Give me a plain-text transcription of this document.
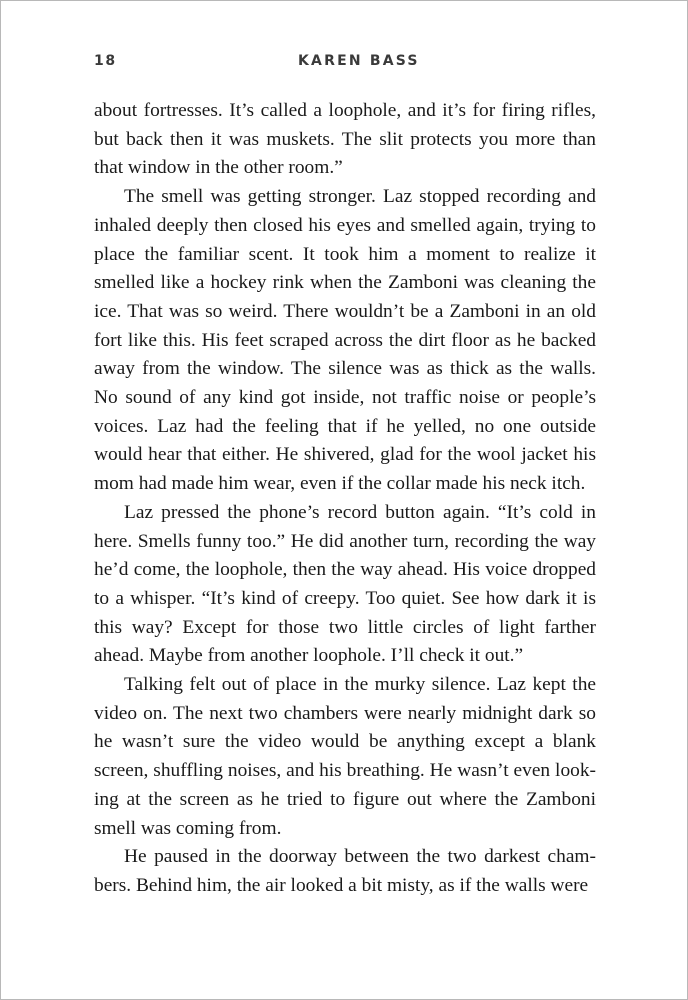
18	KAREN BASS

about fortresses. It’s called a loophole, and it’s for firing rifles, but back then it was muskets. The slit protects you more than that window in the other room.”

The smell was getting stronger. Laz stopped recording and inhaled deeply then closed his eyes and smelled again, trying to place the familiar scent. It took him a moment to realize it smelled like a hockey rink when the Zamboni was cleaning the ice. That was so weird. There wouldn’t be a Zamboni in an old fort like this. His feet scraped across the dirt floor as he backed away from the window. The silence was as thick as the walls. No sound of any kind got inside, not traffic noise or people’s voices. Laz had the feeling that if he yelled, no one outside would hear that either. He shivered, glad for the wool jacket his mom had made him wear, even if the collar made his neck itch.

Laz pressed the phone’s record button again. “It’s cold in here. Smells funny too.” He did another turn, recording the way he’d come, the loophole, then the way ahead. His voice dropped to a whisper. “It’s kind of creepy. Too quiet. See how dark it is this way? Except for those two little circles of light farther ahead. Maybe from another loophole. I’ll check it out.”

Talking felt out of place in the murky silence. Laz kept the video on. The next two chambers were nearly midnight dark so he wasn’t sure the video would be anything except a blank screen, shuffling noises, and his breathing. He wasn’t even looking at the screen as he tried to figure out where the Zamboni smell was coming from.

He paused in the doorway between the two darkest chambers. Behind him, the air looked a bit misty, as if the walls were
